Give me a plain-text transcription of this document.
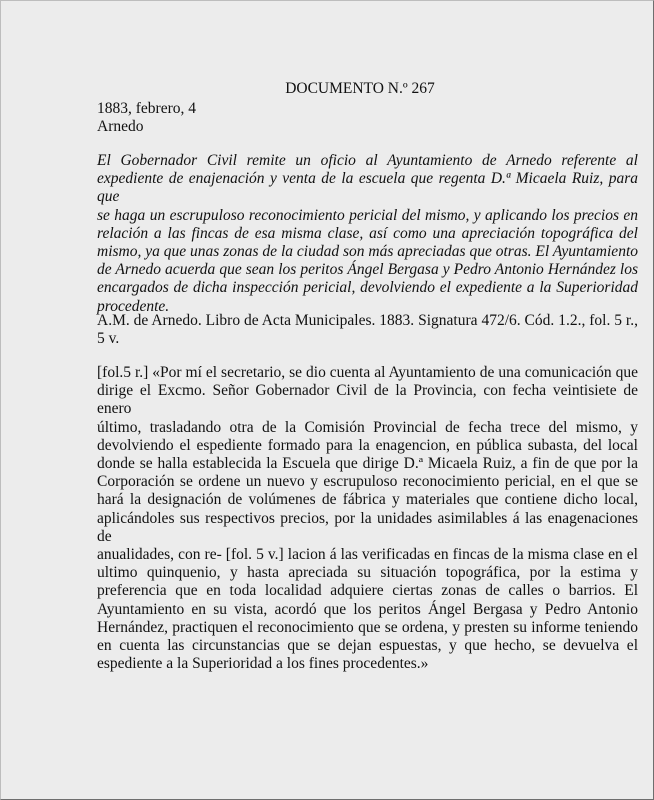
DOCUMENTO N.º 267
1883, febrero, 4
Arnedo
El Gobernador Civil remite un oficio al Ayuntamiento de Arnedo referente al
expediente de enajenación y venta de la escuela que regenta D.ª Micaela Ruiz, para que
se haga un escrupuloso reconocimiento pericial del mismo, y aplicando los precios en
relación a las fincas de esa misma clase, así como una apreciación topográfica del
mismo, ya que unas zonas de la ciudad son más apreciadas que otras. El Ayuntamiento
de Arnedo acuerda que sean los peritos Ángel Bergasa y Pedro Antonio Hernández los
encargados de dicha inspección pericial, devolviendo el expediente a la Superioridad
procedente.
A.M. de Arnedo. Libro de Acta Municipales. 1883. Signatura 472/6. Cód. 1.2., fol. 5 r.,
5 v.
[fol.5 r.] «Por mí el secretario, se dio cuenta al Ayuntamiento de una comunicación que
dirige el Excmo. Señor Gobernador Civil de la Provincia, con fecha veintisiete de enero
último, trasladando otra de la Comisión Provincial de fecha trece del mismo, y
devolviendo el espediente formado para la enagencion, en pública subasta, del local
donde se halla establecida la Escuela que dirige D.ª Micaela Ruiz, a fin de que por la
Corporación se ordene un nuevo y escrupuloso reconocimiento pericial, en el que se
hará la designación de volúmenes de fábrica y materiales que contiene dicho local,
aplicándoles sus respectivos precios, por la unidades asimilables á las enagenaciones de
anualidades, con re- [fol. 5 v.] lacion á las verificadas en fincas de la misma clase en el
ultimo quinquenio, y hasta apreciada su situación topográfica, por la estima y
preferencia que en toda localidad adquiere ciertas zonas de calles o barrios. El
Ayuntamiento en su vista, acordó que los peritos Ángel Bergasa y Pedro Antonio
Hernández, practiquen el reconocimiento que se ordena, y presten su informe teniendo
en cuenta las circunstancias que se dejan espuestas, y que hecho, se devuelva el
espediente a la Superioridad a los fines procedentes.»
